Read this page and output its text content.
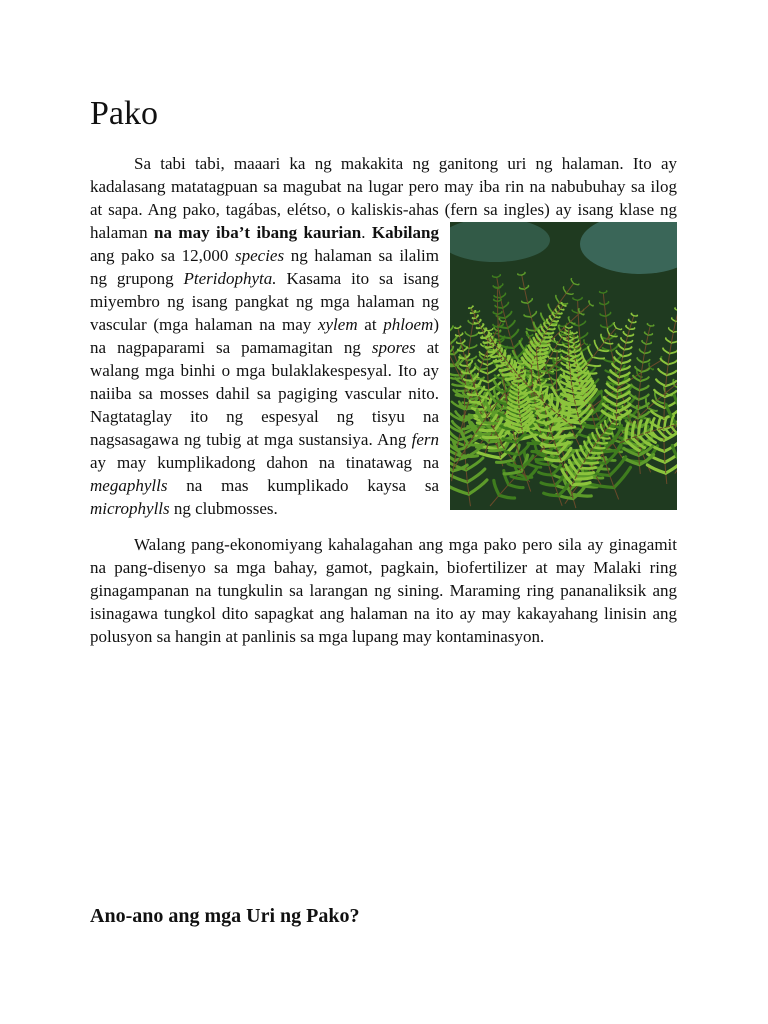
Pako

Sa tabi tabi, maaari ka ng makakita ng ganitong uri ng halaman. Ito ay kadalasang matatagpuan sa magubat na lugar pero may iba rin na nabubuhay sa ilog at sapa. Ang pako, tagábas, elétso, o kaliskis-ahas (fern sa ingles) ay isang klase ng halaman
na may iba’t ibang kaurian. Kabilang ang pako sa 12,000 species ng halaman sa ilalim ng grupong Pteridophyta. Kasama ito sa isang miyembro ng isang pangkat ng mga halaman ng vascular (mga halaman na may xylem at phloem) na nagpaparami sa pamamagitan ng spores at walang mga binhi o mga bulaklakespesyal. Ito ay naiiba sa mosses dahil sa pagiging vascular nito. Nagtataglay ito ng espesyal ng tisyu na nagsasagawa ng tubig at mga sustansiya. Ang fern ay may kumplikadong dahon na tinatawag na megaphylls na mas kumplikado kaysa sa microphylls ng clubmosses.

Walang pang-ekonomiyang kahalagahan ang mga pako pero sila ay ginagamit na pang-disenyo sa mga bahay, gamot, pagkain, biofertilizer at may Malaki ring ginagampanan na tungkulin sa larangan ng sining. Maraming ring pananaliksik ang isinagawa tungkol dito sapagkat ang halaman na ito ay may kakayahang linisin ang polusyon sa hangin at panlinis sa mga lupang may kontaminasyon.

Ano-ano ang mga Uri ng Pako?
